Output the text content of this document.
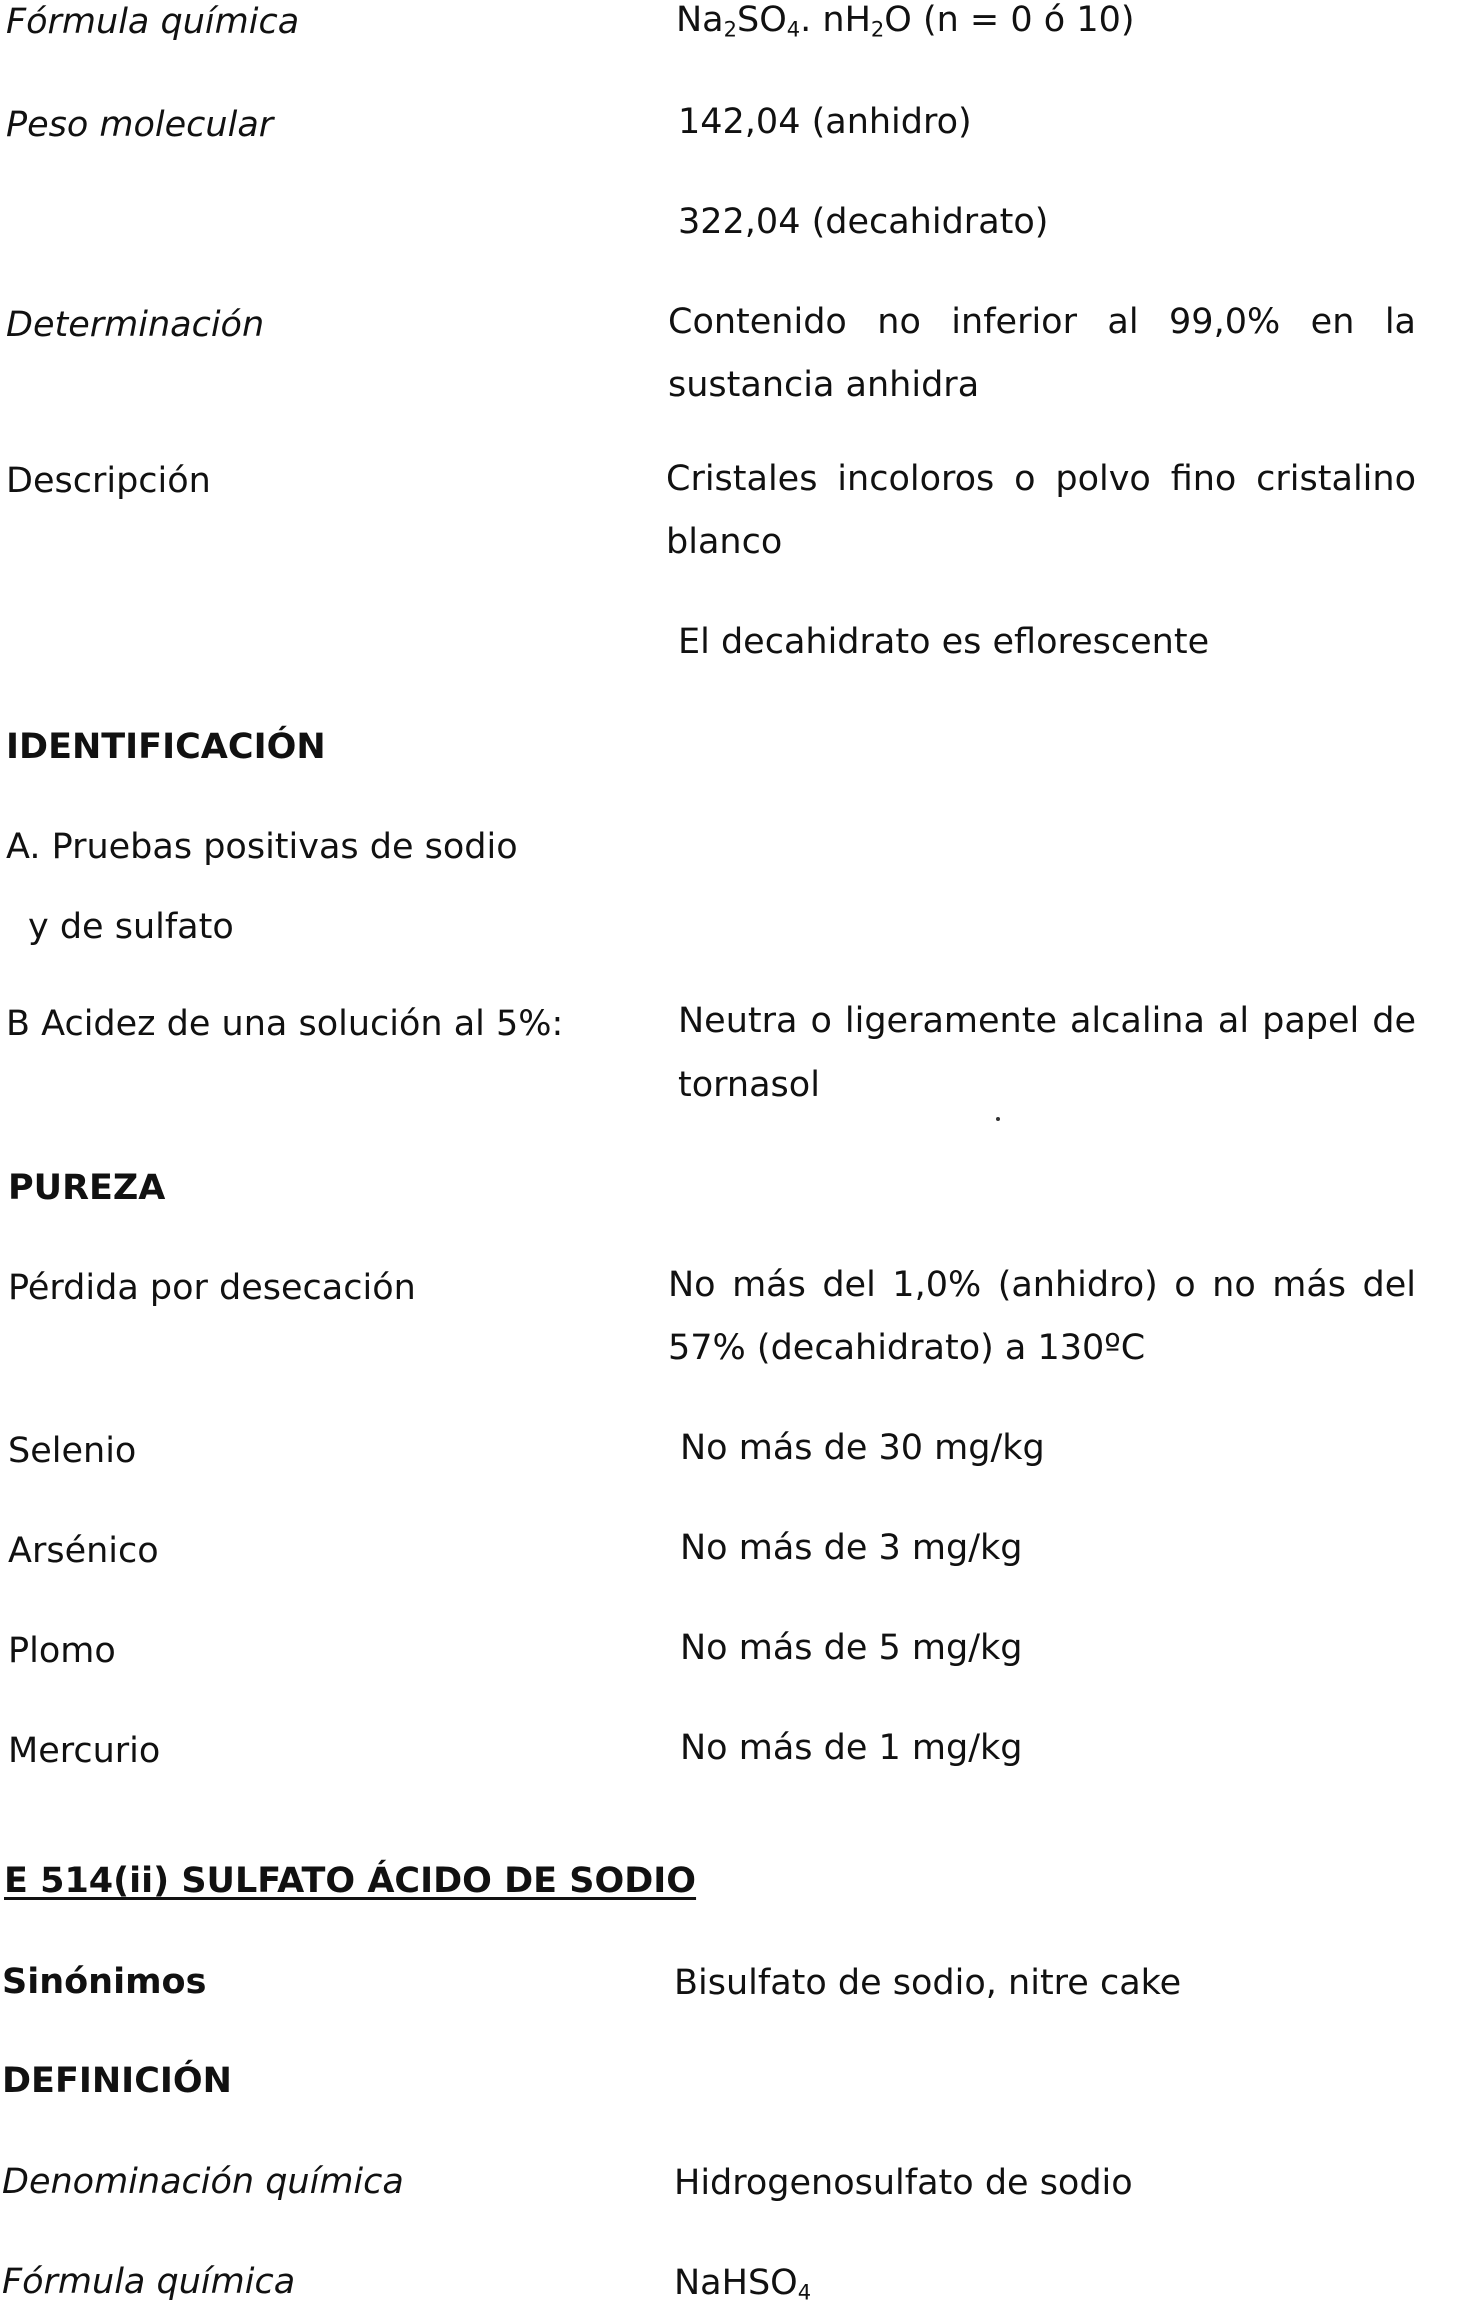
Fórmula química	$Na_2SO_4$. $nH_2O$ (n = 0 ó 10)
Peso molecular	142,04 (anhidro)
322,04 (decahidrato)
Determinación	Contenido no inferior al 99,0% en la
sustancia anhidra
Descripción	Cristales incoloros o polvo fino cristalino
blanco
El decahidrato es eflorescente
IDENTIFICACIÓN
A. Pruebas positivas de sodio
y de sulfato
B Acidez de una solución al 5%:	Neutra o ligeramente alcalina al papel de
tornasol
PUREZA
Pérdida por desecación	No más del 1,0% (anhidro) o no más del
57% (decahidrato) a 130ºC
Selenio	No más de 30 mg/kg
Arsénico	No más de 3 mg/kg
Plomo	No más de 5 mg/kg
Mercurio	No más de 1 mg/kg
E 514(ii) SULFATO ÁCIDO DE SODIO
Sinónimos	Bisulfato de sodio, nitre cake
DEFINICIÓN
Denominación química	Hidrogenosulfato de sodio
Fórmula química	NaHSO$_4$
